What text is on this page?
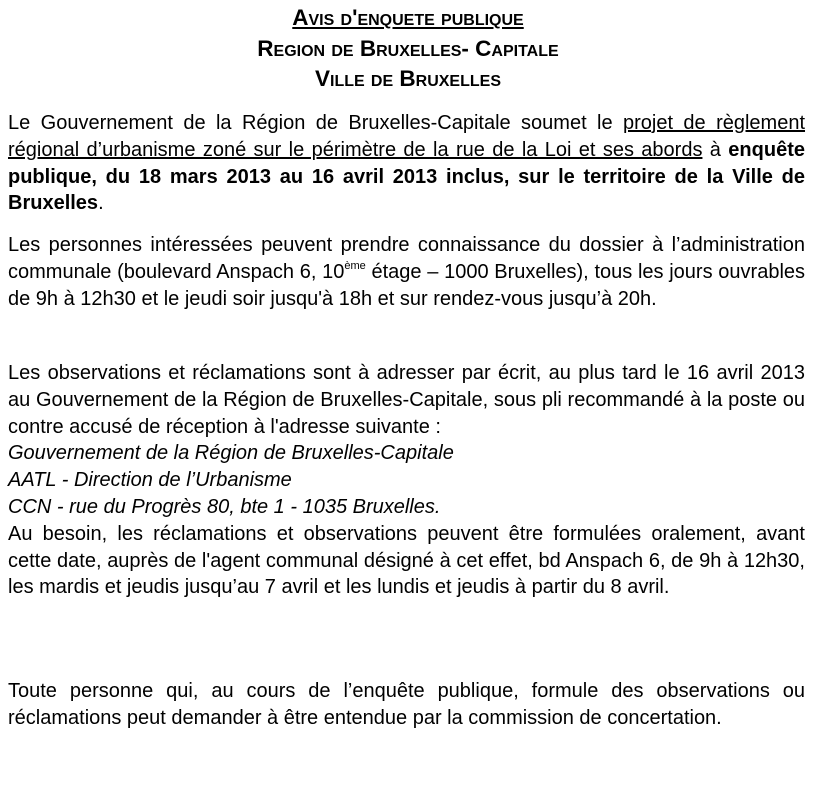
Avis d'enquete publique
Region de Bruxelles- Capitale
Ville de Bruxelles

Le Gouvernement de la Région de Bruxelles-Capitale soumet le projet de règlement régional d’urbanisme zoné sur le périmètre de la rue de la Loi et ses abords à enquête publique, du 18 mars 2013 au 16 avril 2013 inclus, sur le territoire de la Ville de Bruxelles.

Les personnes intéressées peuvent prendre connaissance du dossier à l’administration communale (boulevard Anspach 6, 10ème étage – 1000 Bruxelles), tous les jours ouvrables de 9h à 12h30 et le jeudi soir jusqu'à 18h et sur rendez-vous jusqu’à 20h.

Les observations et réclamations sont à adresser par écrit, au plus tard le 16 avril 2013 au Gouvernement de la Région de Bruxelles-Capitale, sous pli recommandé à la poste ou contre accusé de réception à l'adresse suivante :
Gouvernement de la Région de Bruxelles-Capitale
AATL - Direction de l’Urbanisme
CCN - rue du Progrès 80, bte 1 - 1035 Bruxelles.
Au besoin, les réclamations et observations peuvent être formulées oralement, avant cette date, auprès de l'agent communal désigné à cet effet, bd Anspach 6, de 9h à 12h30, les mardis et jeudis jusqu’au 7 avril et les lundis et jeudis à partir du 8 avril.

Toute personne qui, au cours de l’enquête publique, formule des observations ou réclamations peut demander à être entendue par la commission de concertation.
